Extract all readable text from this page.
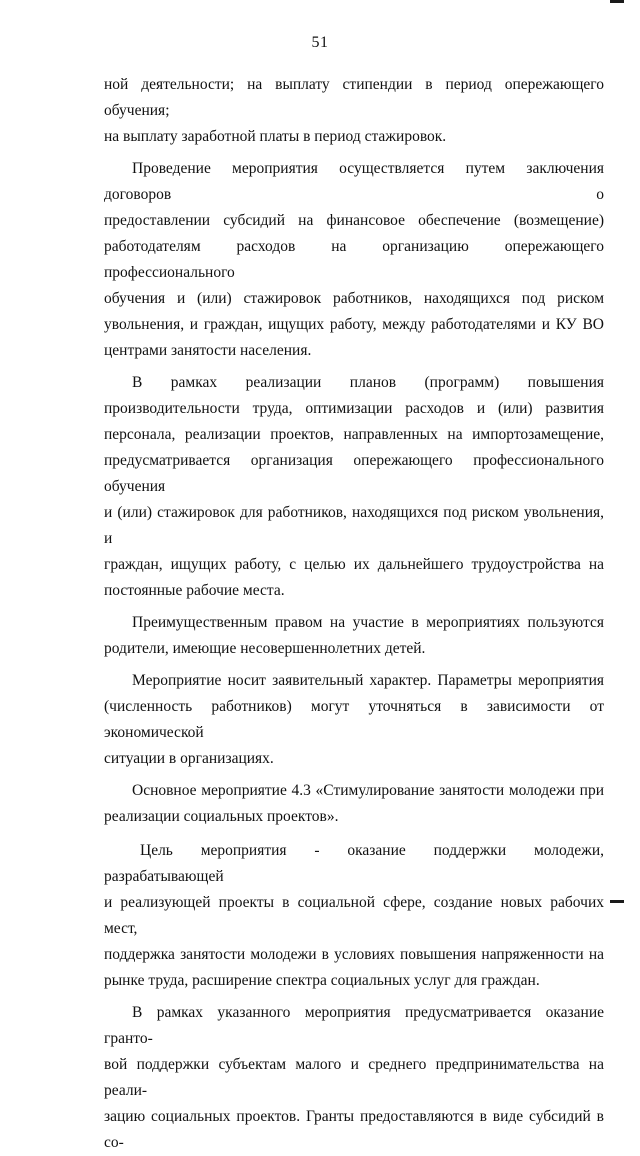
51

ной деятельности; на выплату стипендии в период опережающего обучения;
на выплату заработной платы в период стажировок.

Проведение мероприятия осуществляется путем заключения договоров о
предоставлении субсидий на финансовое обеспечение (возмещение)
работодателям расходов на организацию опережающего профессионального
обучения и (или) стажировок работников, находящихся под риском
увольнения, и граждан, ищущих работу, между работодателями и КУ ВО
центрами занятости населения.

В рамках реализации планов (программ) повышения
производительности труда, оптимизации расходов и (или) развития
персонала, реализации проектов, направленных на импортозамещение,
предусматривается организация опережающего профессионального обучения
и (или) стажировок для работников, находящихся под риском увольнения, и
граждан, ищущих работу, с целью их дальнейшего трудоустройства на
постоянные рабочие места.

Преимущественным правом на участие в мероприятиях пользуются
родители, имеющие несовершеннолетних детей.

Мероприятие носит заявительный характер. Параметры мероприятия
(численность работников) могут уточняться в зависимости от экономической
ситуации в организациях.

Основное мероприятие 4.3 «Стимулирование занятости молодежи при
реализации социальных проектов».

Цель мероприятия - оказание поддержки молодежи, разрабатывающей
и реализующей проекты в социальной сфере, создание новых рабочих мест,
поддержка занятости молодежи в условиях повышения напряженности на
рынке труда, расширение спектра социальных услуг для граждан.

В рамках указанного мероприятия предусматривается оказание гранто-
вой поддержки субъектам малого и среднего предпринимательства на реали-
зацию социальных проектов. Гранты предоставляются в виде субсидий в со-
